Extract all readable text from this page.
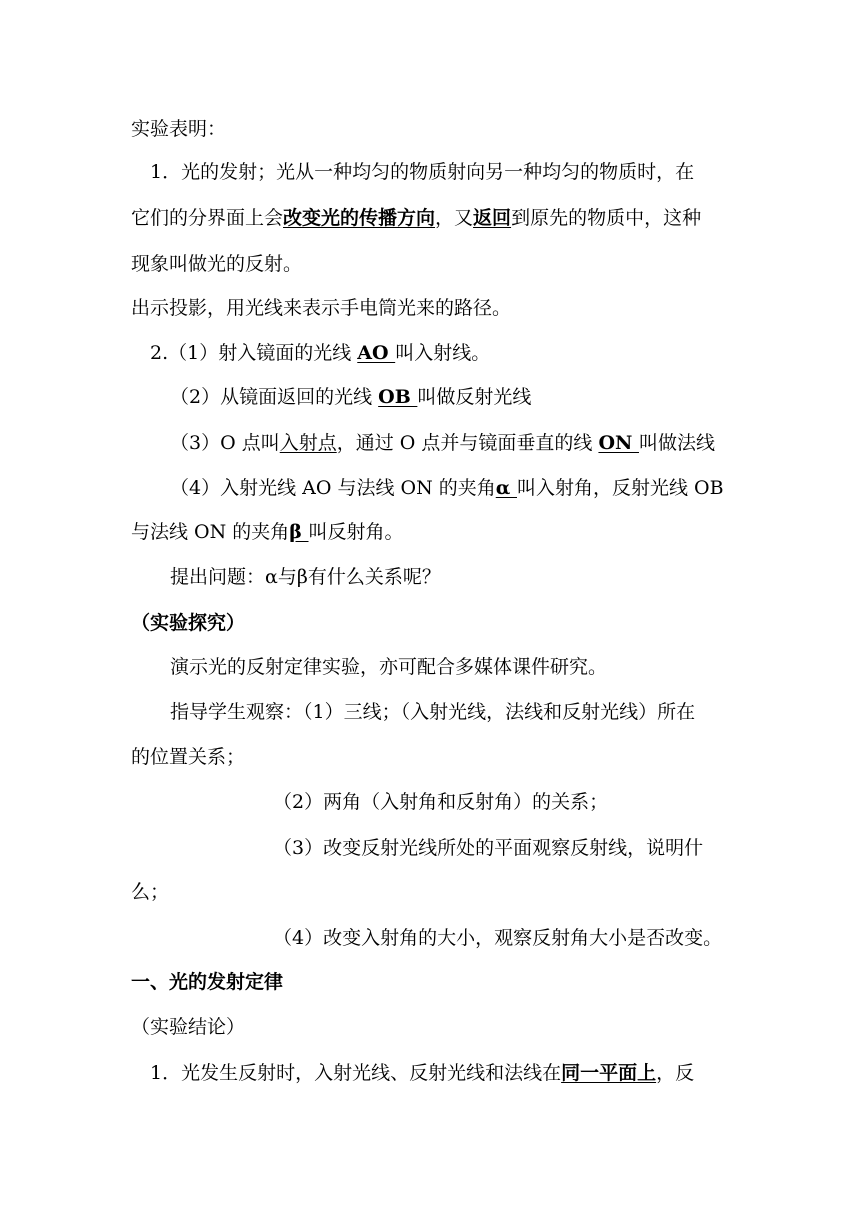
实验表明：
1．光的发射；光从一种均匀的物质射向另一种均匀的物质时，在
它们的分界面上会改变光的传播方向，又返回到原先的物质中，这种
现象叫做光的反射。
出示投影，用光线来表示手电筒光来的路径。
2.（1）射入镜面的光线 AO 叫入射线。
（2）从镜面返回的光线 OB 叫做反射光线
（3）O 点叫入射点，通过 O 点并与镜面垂直的线 ON 叫做法线
（4）入射光线 AO 与法线 ON 的夹角α 叫入射角，反射光线 OB
与法线 ON 的夹角β 叫反射角。
提出问题：α与β有什么关系呢？
（实验探究）
演示光的反射定律实验，亦可配合多媒体课件研究。
指导学生观察：（1）三线；（入射光线，法线和反射光线）所在
的位置关系；
（2）两角（入射角和反射角）的关系；
（3）改变反射光线所处的平面观察反射线，说明什
么；
（4）改变入射角的大小，观察反射角大小是否改变。
一、光的发射定律
（实验结论）
1．光发生反射时，入射光线、反射光线和法线在同一平面上，反
